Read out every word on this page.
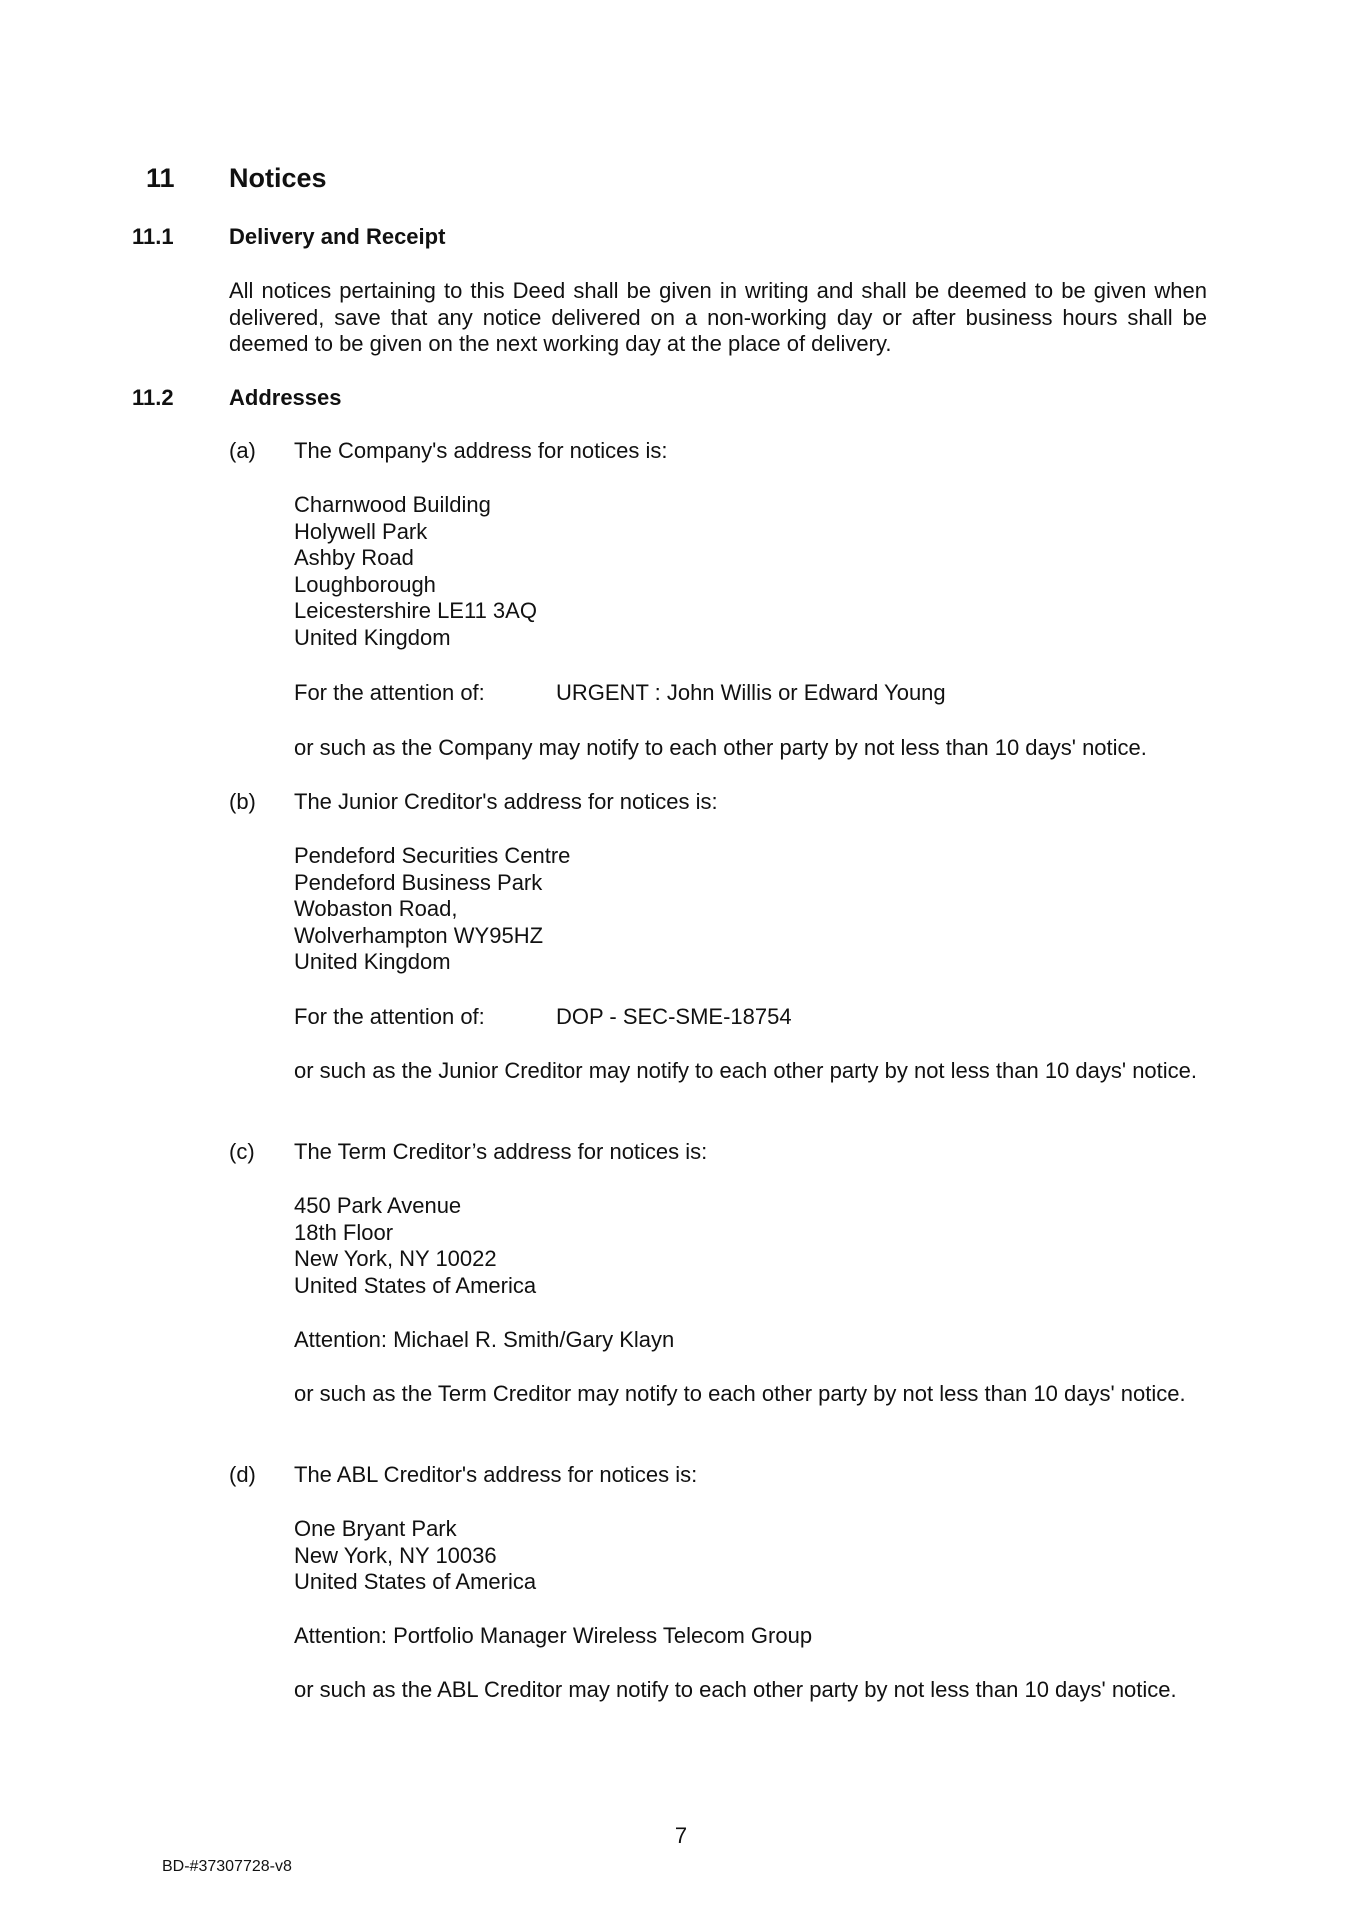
11	Notices
11.1	Delivery and Receipt
All notices pertaining to this Deed shall be given in writing and shall be deemed to be given when delivered, save that any notice delivered on a non-working day or after business hours shall be deemed to be given on the next working day at the place of delivery.
11.2	Addresses
(a) The Company's address for notices is:
Charnwood Building
Holywell Park
Ashby Road
Loughborough
Leicestershire LE11 3AQ
United Kingdom
For the attention of:	URGENT : John Willis or Edward Young
or such as the Company may notify to each other party by not less than 10 days' notice.
(b) The Junior Creditor's address for notices is:
Pendeford Securities Centre
Pendeford Business Park
Wobaston Road,
Wolverhampton WY95HZ
United Kingdom
For the attention of:	DOP - SEC-SME-18754
or such as the Junior Creditor may notify to each other party by not less than 10 days' notice.
(c) The Term Creditor’s address for notices is:
450 Park Avenue
18th Floor
New York, NY 10022
United States of America
Attention: Michael R. Smith/Gary Klayn
or such as the Term Creditor may notify to each other party by not less than 10 days' notice.
(d) The ABL Creditor's address for notices is:
One Bryant Park
New York, NY 10036
United States of America
Attention: Portfolio Manager Wireless Telecom Group
or such as the ABL Creditor may notify to each other party by not less than 10 days' notice.
7
BD-#37307728-v8
